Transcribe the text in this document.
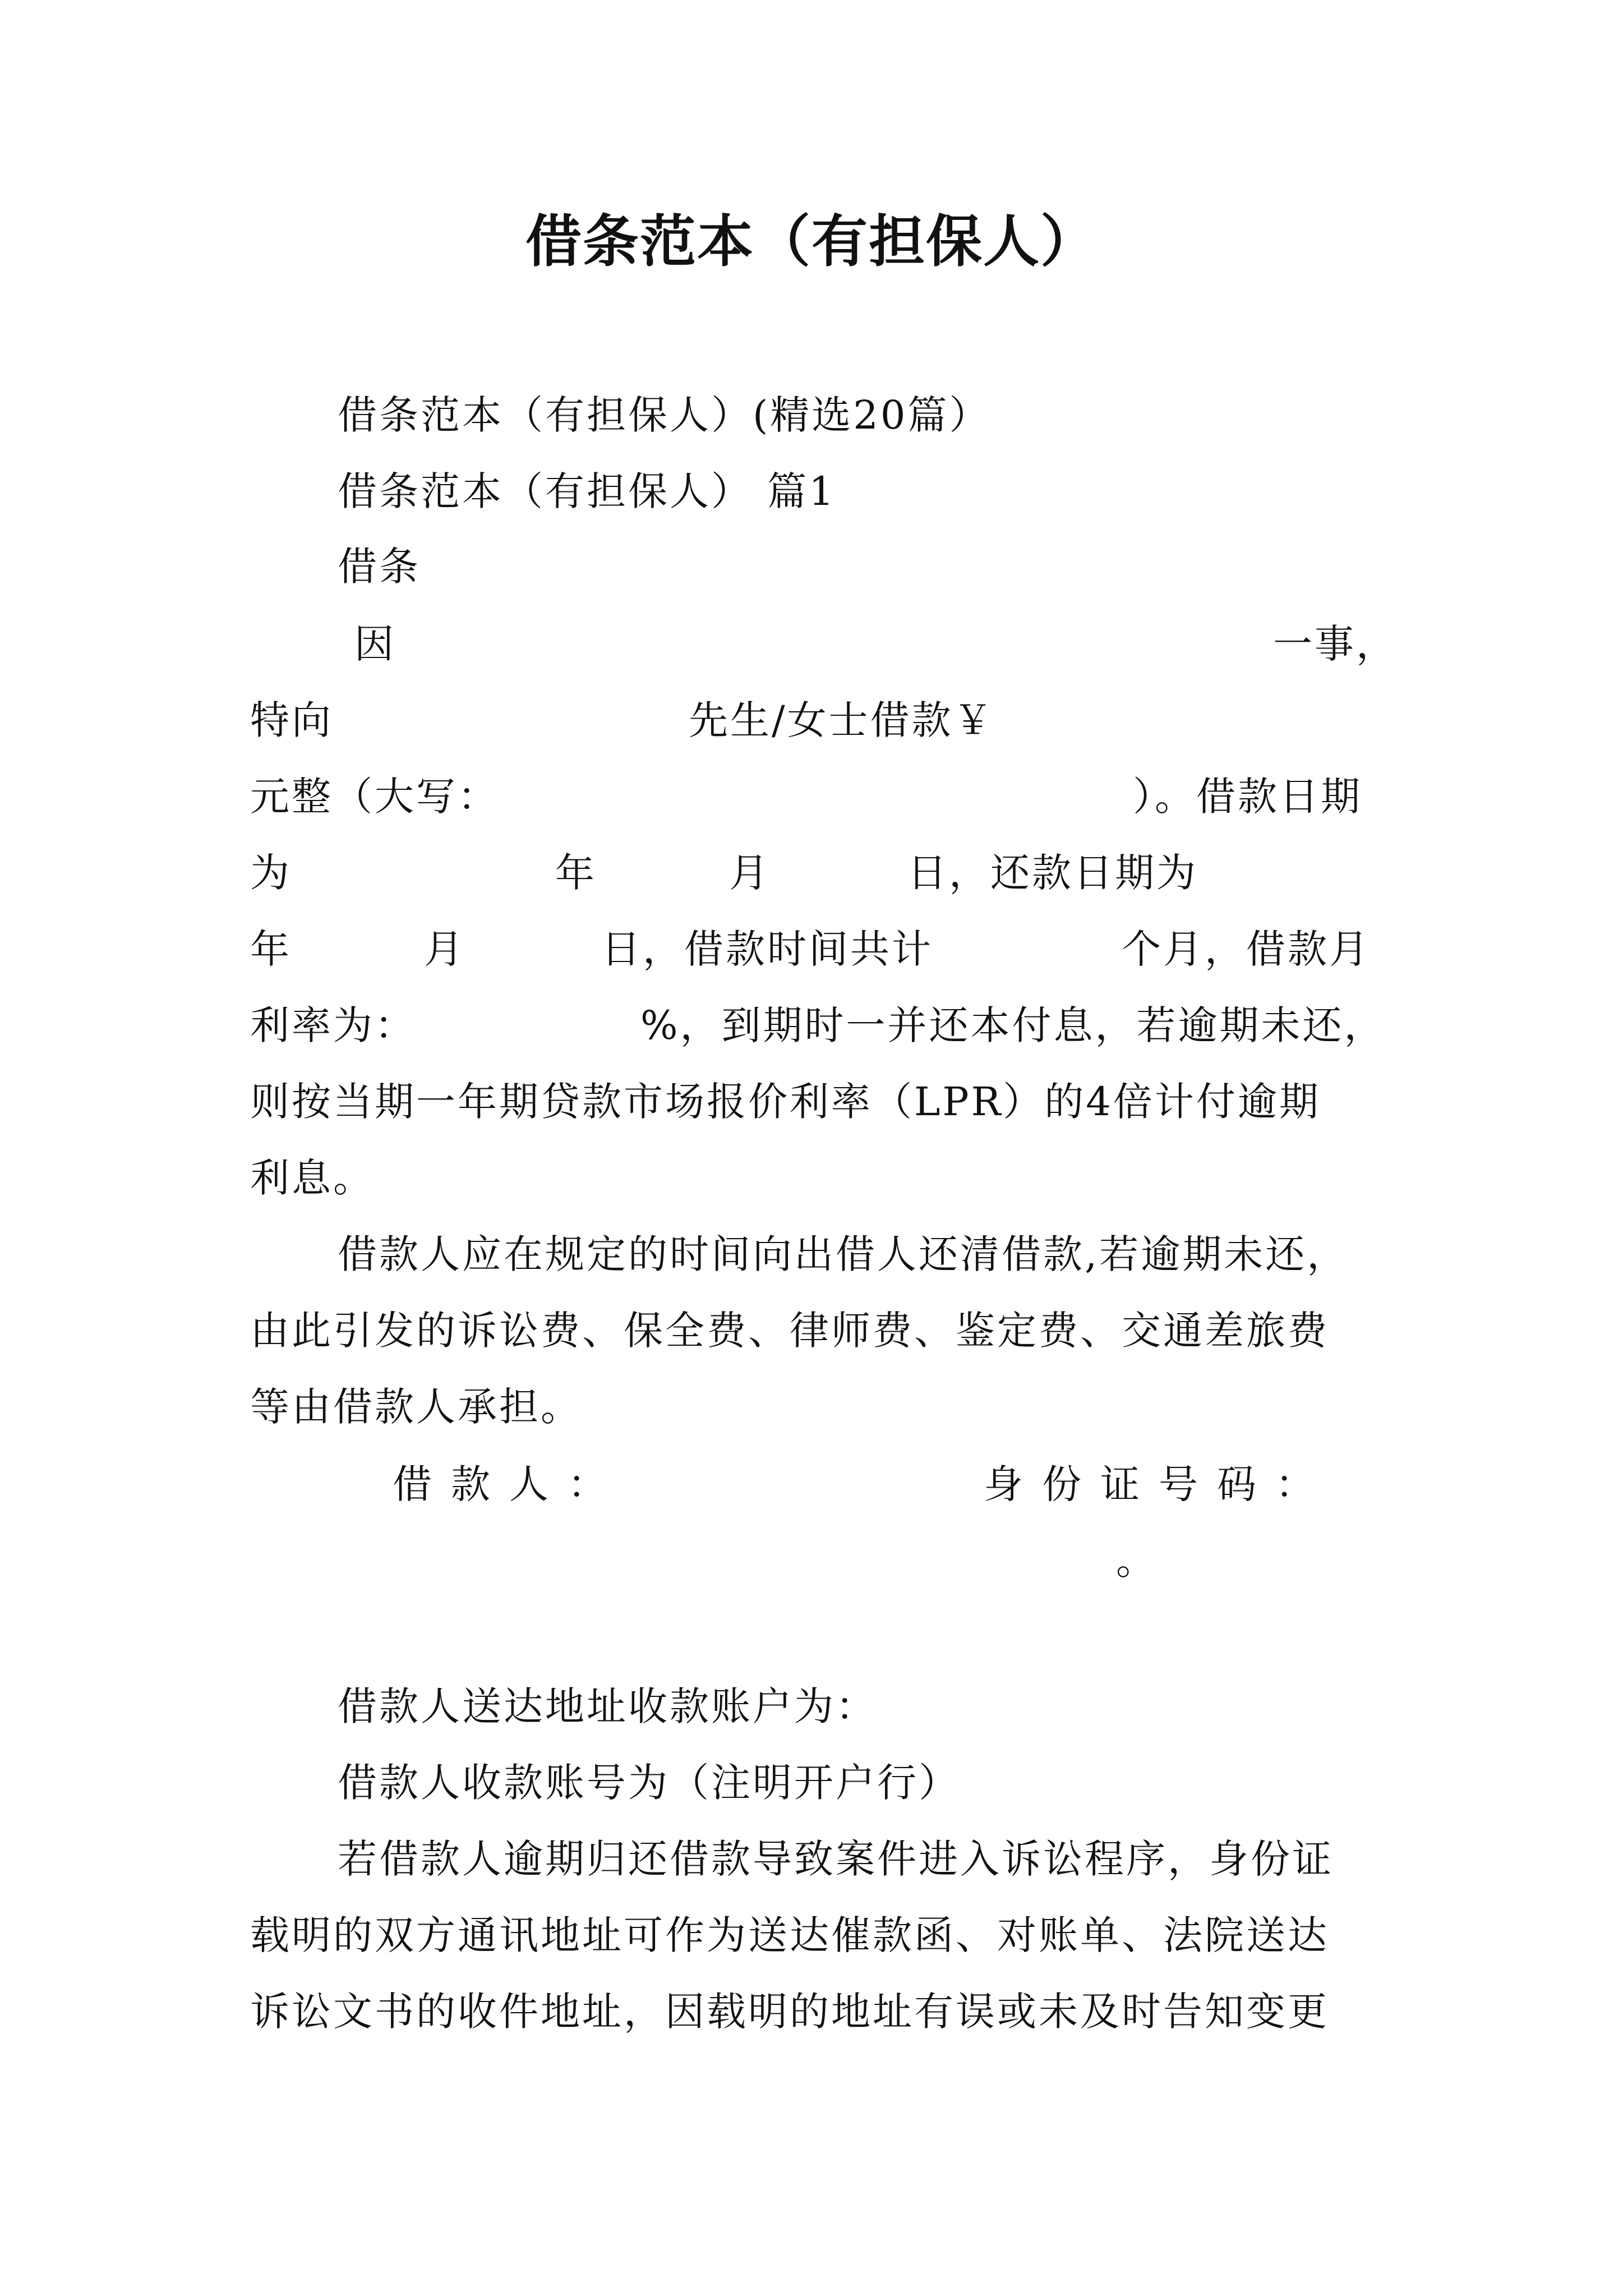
借条范本（有担保人）
借条范本（有担保人）(精选20篇）
借条范本（有担保人） 篇1
借条
因	一事，
特向	先生/女士借款￥
元整（大写：	）。借款日期
为	年	月	日，还款日期为
年	月	日，借款时间共计	个月，借款月
利率为：	%，到期时一并还本付息，若逾期未还，
则按当期一年期贷款市场报价利率（LPR）的4倍计付逾期
利息。
借款人应在规定的时间向出借人还清借款,若逾期未还，
由此引发的诉讼费、保全费、律师费、鉴定费、交通差旅费
等由借款人承担。
借款人：	身份证号码：
。
借款人送达地址收款账户为：
借款人收款账号为（注明开户行）
若借款人逾期归还借款导致案件进入诉讼程序，身份证
载明的双方通讯地址可作为送达催款函、对账单、法院送达
诉讼文书的收件地址，因载明的地址有误或未及时告知变更
